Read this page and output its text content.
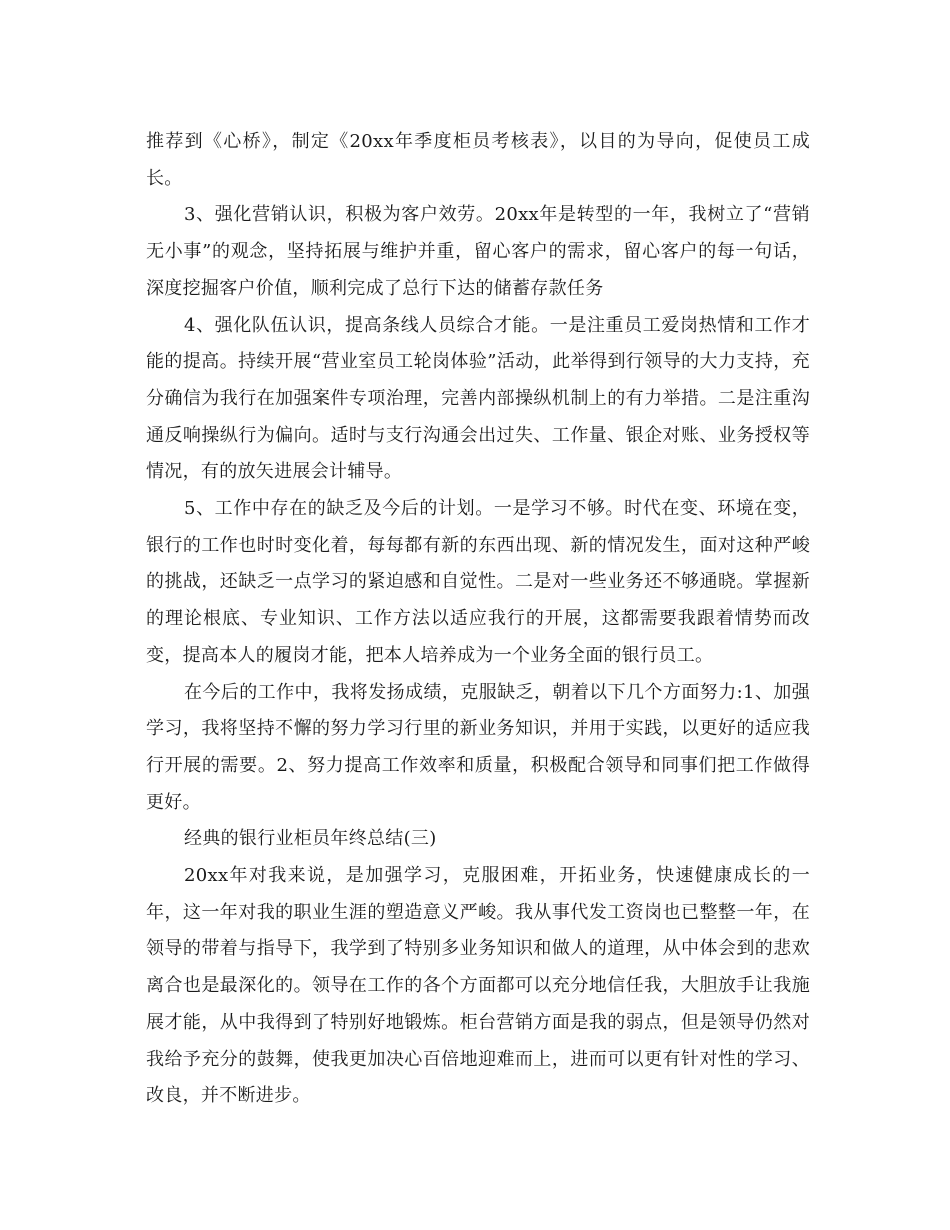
推荐到《心桥》，制定《20xx年季度柜员考核表》，以目的为导向，促使员工成长。

3、强化营销认识，积极为客户效劳。20xx年是转型的一年，我树立了“营销无小事”的观念，坚持拓展与维护并重，留心客户的需求，留心客户的每一句话，深度挖掘客户价值，顺利完成了总行下达的储蓄存款任务

4、强化队伍认识，提高条线人员综合才能。一是注重员工爱岗热情和工作才能的提高。持续开展“营业室员工轮岗体验”活动，此举得到行领导的大力支持，充分确信为我行在加强案件专项治理，完善内部操纵机制上的有力举措。二是注重沟通反响操纵行为偏向。适时与支行沟通会出过失、工作量、银企对账、业务授权等情况，有的放矢进展会计辅导。

5、工作中存在的缺乏及今后的计划。一是学习不够。时代在变、环境在变，银行的工作也时时变化着，每每都有新的东西出现、新的情况发生，面对这种严峻的挑战，还缺乏一点学习的紧迫感和自觉性。二是对一些业务还不够通晓。掌握新的理论根底、专业知识、工作方法以适应我行的开展，这都需要我跟着情势而改变，提高本人的履岗才能，把本人培养成为一个业务全面的银行员工。

在今后的工作中，我将发扬成绩，克服缺乏，朝着以下几个方面努力:1、加强学习，我将坚持不懈的努力学习行里的新业务知识，并用于实践，以更好的适应我行开展的需要。2、努力提高工作效率和质量，积极配合领导和同事们把工作做得更好。

经典的银行业柜员年终总结(三)

20xx年对我来说，是加强学习，克服困难，开拓业务，快速健康成长的一年，这一年对我的职业生涯的塑造意义严峻。我从事代发工资岗也已整整一年，在领导的带着与指导下，我学到了特别多业务知识和做人的道理，从中体会到的悲欢离合也是最深化的。领导在工作的各个方面都可以充分地信任我，大胆放手让我施展才能，从中我得到了特别好地锻炼。柜台营销方面是我的弱点，但是领导仍然对我给予充分的鼓舞，使我更加决心百倍地迎难而上，进而可以更有针对性的学习、改良，并不断进步。
